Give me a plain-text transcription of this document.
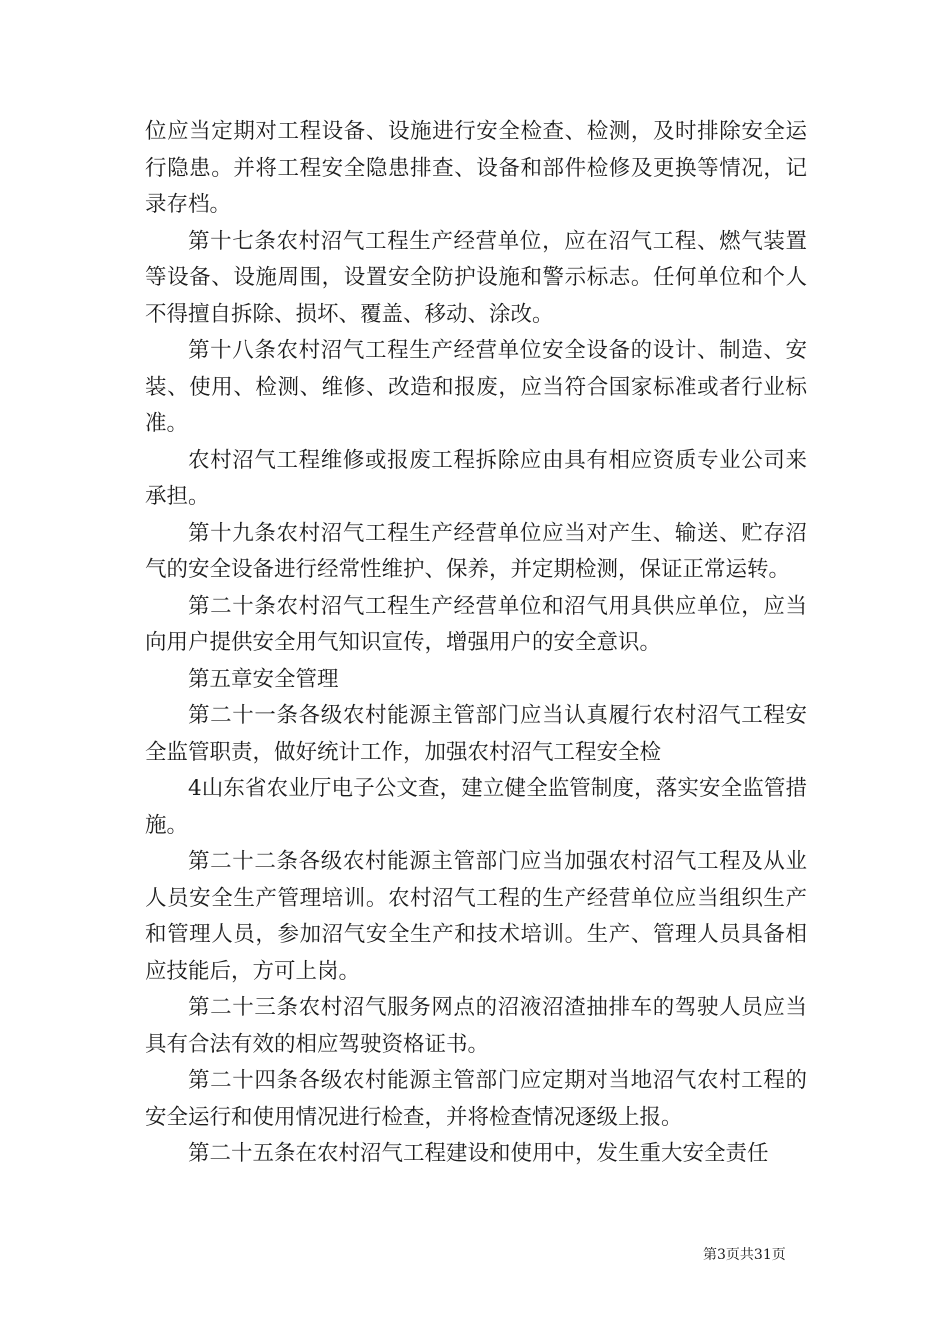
位应当定期对工程设备、设施进行安全检查、检测，及时排除安全运行隐患。并将工程安全隐患排查、设备和部件检修及更换等情况，记录存档。

第十七条农村沼气工程生产经营单位，应在沼气工程、燃气装置等设备、设施周围，设置安全防护设施和警示标志。任何单位和个人不得擅自拆除、损坏、覆盖、移动、涂改。

第十八条农村沼气工程生产经营单位安全设备的设计、制造、安装、使用、检测、维修、改造和报废，应当符合国家标准或者行业标准。

农村沼气工程维修或报废工程拆除应由具有相应资质专业公司来承担。

第十九条农村沼气工程生产经营单位应当对产生、输送、贮存沼气的安全设备进行经常性维护、保养，并定期检测，保证正常运转。

第二十条农村沼气工程生产经营单位和沼气用具供应单位，应当向用户提供安全用气知识宣传，增强用户的安全意识。

第五章安全管理

第二十一条各级农村能源主管部门应当认真履行农村沼气工程安全监管职责，做好统计工作，加强农村沼气工程安全检

4山东省农业厅电子公文查，建立健全监管制度，落实安全监管措施。

第二十二条各级农村能源主管部门应当加强农村沼气工程及从业人员安全生产管理培训。农村沼气工程的生产经营单位应当组织生产和管理人员，参加沼气安全生产和技术培训。生产、管理人员具备相应技能后，方可上岗。

第二十三条农村沼气服务网点的沼液沼渣抽排车的驾驶人员应当具有合法有效的相应驾驶资格证书。

第二十四条各级农村能源主管部门应定期对当地沼气农村工程的安全运行和使用情况进行检查，并将检查情况逐级上报。

第二十五条在农村沼气工程建设和使用中，发生重大安全责任

第3页共31页
